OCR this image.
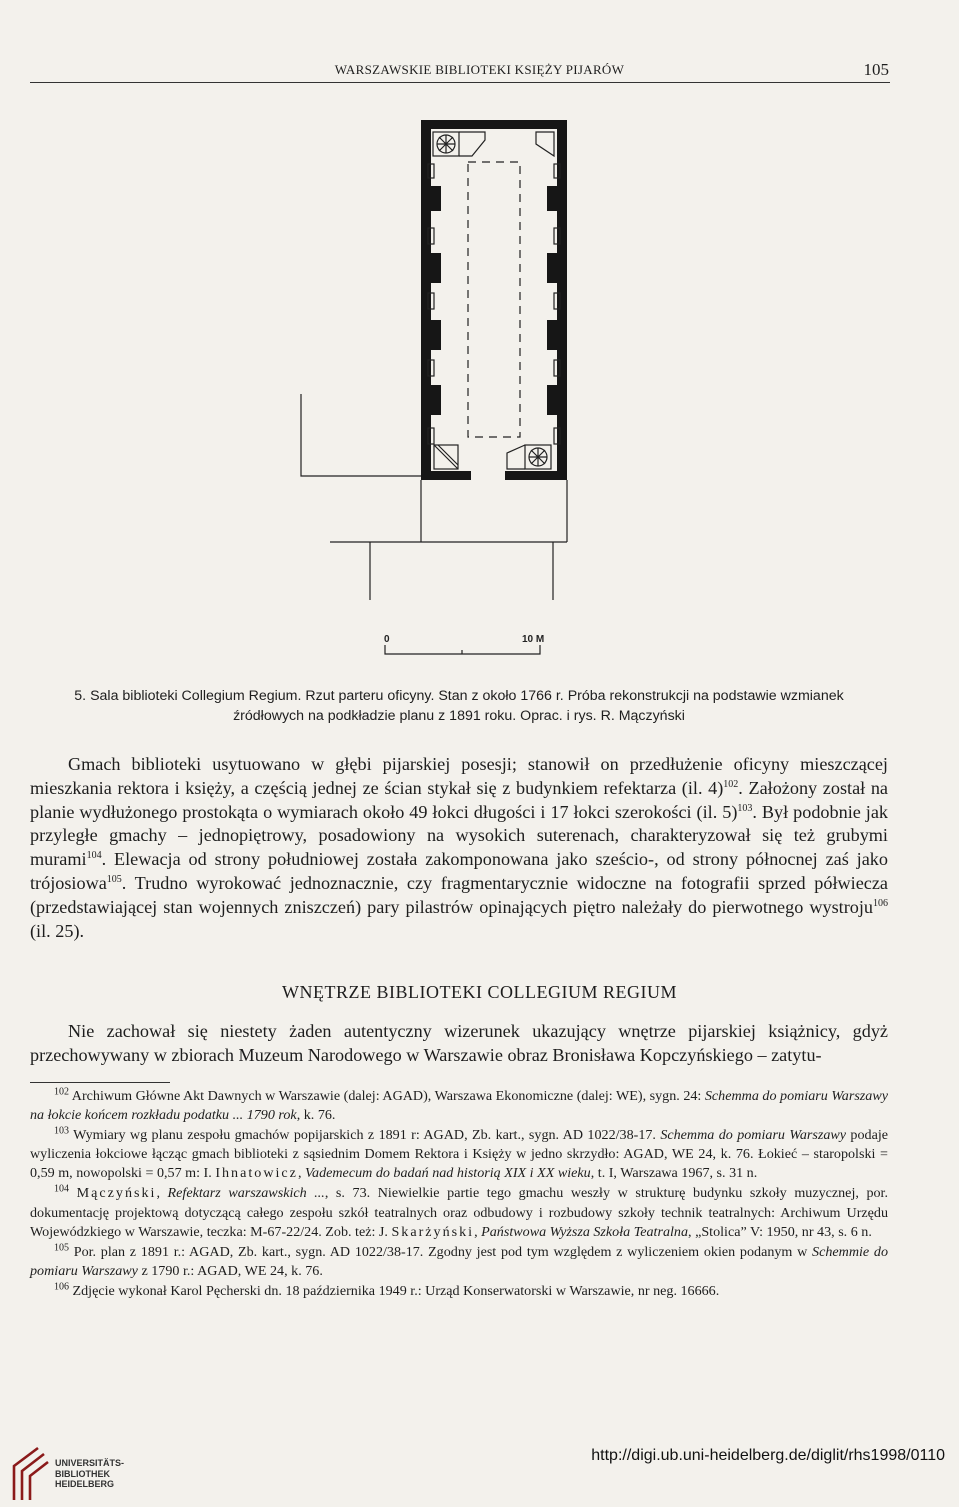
WARSZAWSKIE BIBLIOTEKI KSIĘŻY PIJARÓW	105
0	10 M
5. Sala biblioteki Collegium Regium. Rzut parteru oficyny. Stan z około 1766 r. Próba rekonstrukcji na podstawie wzmianek
źródłowych na podkładzie planu z 1891 roku. Oprac. i rys. R. Mączyński

Gmach biblioteki usytuowano w głębi pijarskiej posesji; stanowił on przedłużenie oficyny mieszczącej mieszkania rektora i księży, a częścią jednej ze ścian stykał się z budynkiem refektarza (il. 4)$^{102}$. Założony został na planie wydłużonego prostokąta o wymiarach około 49 łokci długości i 17 łokci szerokości (il. 5)$^{103}$. Był podobnie jak przyległe gmachy – jednopiętrowy, posadowiony na wysokich suterenach, charakteryzował się też grubymi murami$^{104}$. Elewacja od strony południowej została zakomponowana jako sześcio-, od strony północnej zaś jako trójosiowa$^{105}$. Trudno wyrokować jednoznacznie, czy fragmentarycznie widoczne na fotografii sprzed półwiecza (przedstawiającej stan wojennych zniszczeń) pary pilastrów opinających piętro należały do pierwotnego wystroju$^{106}$ (il. 25).

WNĘTRZE BIBLIOTEKI COLLEGIUM REGIUM

Nie zachował się niestety żaden autentyczny wizerunek ukazujący wnętrze pijarskiej książnicy, gdyż przechowywany w zbiorach Muzeum Narodowego w Warszawie obraz Bronisława Kopczyńskiego – zatytu-

$^{102}$ Archiwum Główne Akt Dawnych w Warszawie (dalej: AGAD), Warszawa Ekonomiczne (dalej: WE), sygn. 24: Schemma do pomiaru Warszawy na łokcie końcem rozkładu podatku ... 1790 rok, k. 76.

$^{103}$ Wymiary wg planu zespołu gmachów popijarskich z 1891 r: AGAD, Zb. kart., sygn. AD 1022/38-17. Schemma do pomiaru Warszawy podaje wyliczenia łokciowe łącząc gmach biblioteki z sąsiednim Domem Rektora i Księży w jedno skrzydło: AGAD, WE 24, k. 76. Łokieć – staropolski = 0,59 m, nowopolski = 0,57 m: I. Ihnatowicz, Vademecum do badań nad historią XIX i XX wieku, t. I, Warszawa 1967, s. 31 n.

$^{104}$ Mączyński, Refektarz warszawskich ..., s. 73. Niewielkie partie tego gmachu weszły w strukturę budynku szkoły muzycznej, por. dokumentację projektową dotyczącą całego zespołu szkół teatralnych oraz odbudowy i rozbudowy szkoły technik teatralnych: Archiwum Urzędu Wojewódzkiego w Warszawie, teczka: M-67-22/24. Zob. też: J. Skarżyński, Państwowa Wyższa Szkoła Teatralna, „Stolica” V: 1950, nr 43, s. 6 n.

$^{105}$ Por. plan z 1891 r.: AGAD, Zb. kart., sygn. AD 1022/38-17. Zgodny jest pod tym względem z wyliczeniem okien podanym w Schemmie do pomiaru Warszawy z 1790 r.: AGAD, WE 24, k. 76.

$^{106}$ Zdjęcie wykonał Karol Pęcherski dn. 18 października 1949 r.: Urząd Konserwatorski w Warszawie, nr neg. 16666.

UNIVERSITÄTS-
BIBLIOTHEK
HEIDELBERG
http://digi.ub.uni-heidelberg.de/diglit/rhs1998/0110
